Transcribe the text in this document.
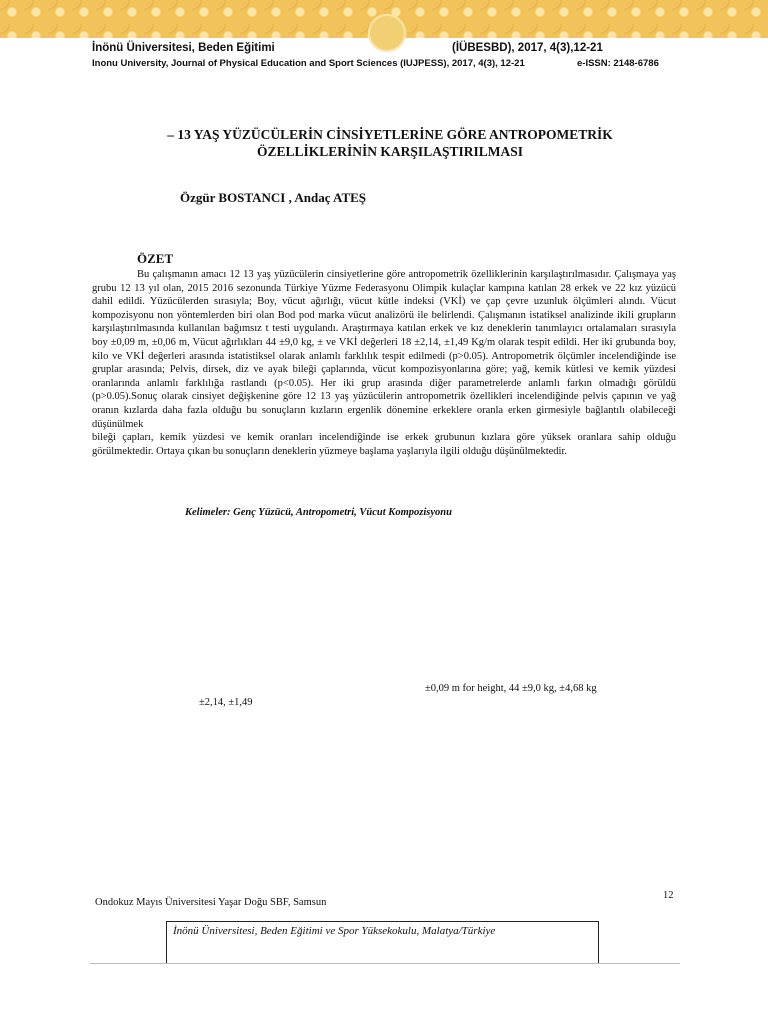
İnönü Üniversitesi, Beden Eğitimi	(İÜBESBD), 2017, 4(3),12-21
Inonu University, Journal of Physical Education and Sport Sciences (IUJPESS), 2017, 4(3), 12-21	e-ISSN: 2148-6786
– 13 YAŞ YÜZÜCÜLERİN CİNSİYETLERİNE GÖRE ANTROPOMETRİK
ÖZELLİKLERİNİN KARŞILAŞTIRILMASI
Özgür BOSTANCI , Andaç ATEŞ
ÖZET

Bu çalışmanın amacı 12 13 yaş yüzücülerin cinsiyetlerine göre antropometrik özelliklerinin karşılaştırılmasıdır. Çalışmaya yaş grubu 12 13 yıl olan, 2015 2016 sezonunda Türkiye Yüzme Federasyonu Olimpik kulaçlar kampına katılan 28 erkek ve 22 kız yüzücü dahil edildi. Yüzücülerden sırasıyla; Boy, vücut ağırlığı, vücut kütle indeksi (VKİ) ve çap çevre uzunluk ölçümleri alındı. Vücut kompozisyonu non yöntemlerden biri olan Bod pod marka vücut analizörü ile belirlendi. Çalışmanın istatiksel analizinde ikili grupların karşılaştırılmasında kullanılan bağımsız t testi uygulandı. Araştırmaya katılan erkek ve kız deneklerin tanımlayıcı ortalamaları sırasıyla boy ±0,09 m, ±0,06 m, Vücut ağırlıkları 44 ±9,0 kg, ± ve VKİ değerleri 18 ±2,14, ±1,49 Kg/m olarak tespit edildi. Her iki grubunda boy, kilo ve VKİ değerleri arasında istatistiksel olarak anlamlı farklılık tespit edilmedi (p>0.05). Antropometrik ölçümler incelendiğinde ise gruplar arasında; Pelvis, dirsek, diz ve ayak bileği çaplarında, vücut kompozisyonlarına göre; yağ, kemik kütlesi ve kemik yüzdesi oranlarında anlamlı farklılığa rastlandı (p<0.05). Her iki grup arasında diğer parametrelerde anlamlı farkın olmadığı görüldü (p>0.05).Sonuç olarak cinsiyet değişkenine göre 12 13 yaş yüzücülerin antropometrik özellikleri incelendiğinde pelvis çapının ve yağ oranın kızlarda daha fazla olduğu bu sonuçların kızların ergenlik dönemine erkeklere oranla erken girmesiyle bağlantılı olabileceği düşünülmek

bileği çapları, kemik yüzdesi ve kemik oranları incelendiğinde ise erkek grubunun kızlara göre yüksek oranlara sahip olduğu görülmektedir. Ortaya çıkan bu sonuçların deneklerin yüzmeye başlama yaşlarıyla ilgili olduğu düşünülmektedir.

Kelimeler: Genç Yüzücü, Antropometri, Vücut Kompozisyonu
±0,09 m for height, 44 ±9,0 kg, ±4,68 kg
±2,14, ±1,49
Ondokuz Mayıs Üniversitesi Yaşar Doğu SBF, Samsun
12
İnönü Üniversitesi, Beden Eğitimi ve Spor Yüksekokulu, Malatya/Türkiye
